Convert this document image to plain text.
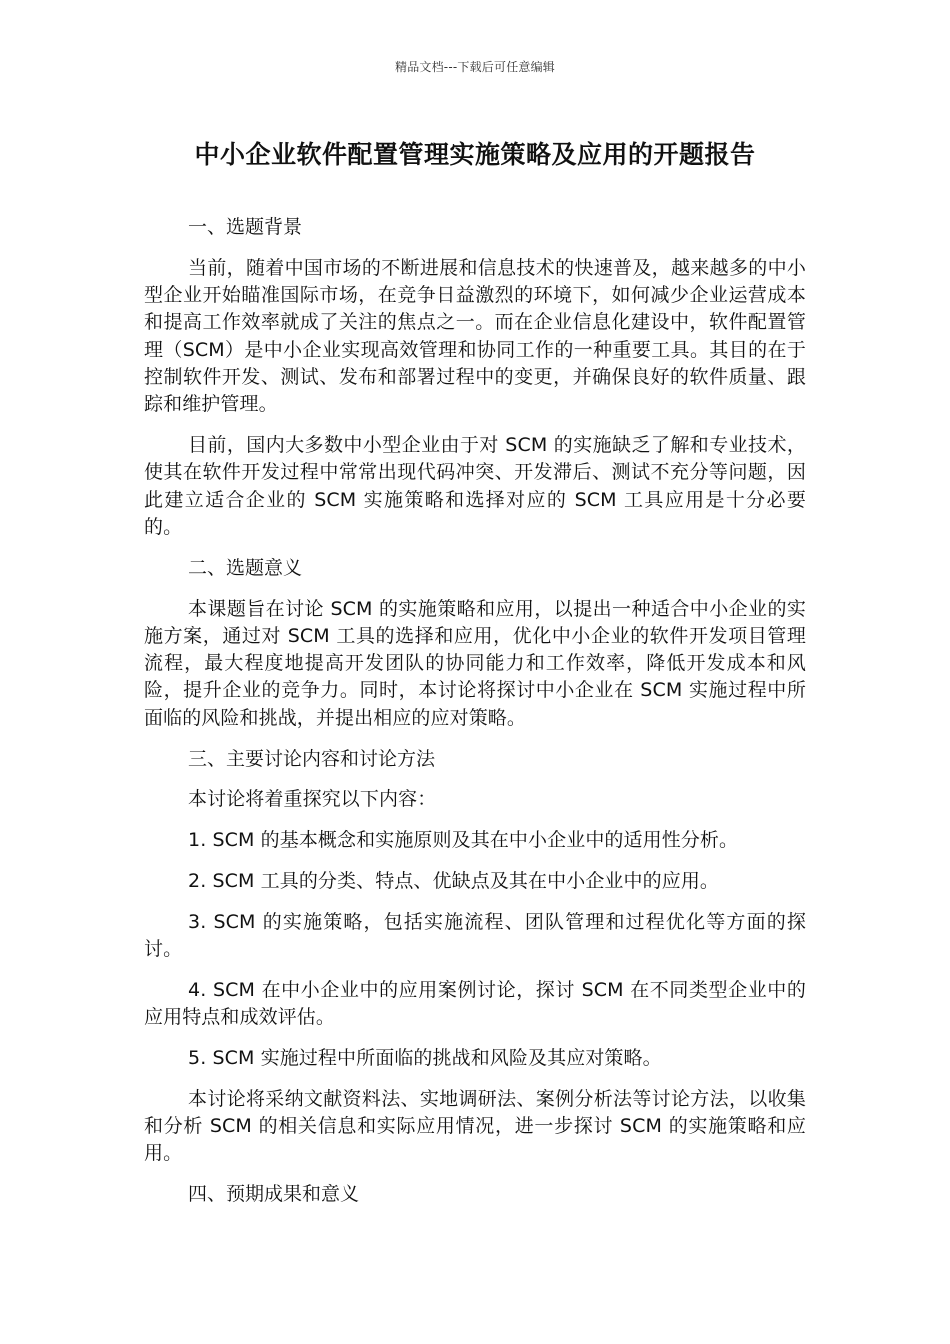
精品文档---下载后可任意编辑
中小企业软件配置管理实施策略及应用的开题报告

一、选题背景

当前，随着中国市场的不断进展和信息技术的快速普及，越来越多的中小型企业开始瞄准国际市场，在竞争日益激烈的环境下，如何减少企业运营成本和提高工作效率就成了关注的焦点之一。而在企业信息化建设中，软件配置管理（SCM）是中小企业实现高效管理和协同工作的一种重要工具。其目的在于控制软件开发、测试、发布和部署过程中的变更，并确保良好的软件质量、跟踪和维护管理。

目前，国内大多数中小型企业由于对 SCM 的实施缺乏了解和专业技术，使其在软件开发过程中常常出现代码冲突、开发滞后、测试不充分等问题，因此建立适合企业的 SCM 实施策略和选择对应的 SCM 工具应用是十分必要的。

二、选题意义

本课题旨在讨论 SCM 的实施策略和应用，以提出一种适合中小企业的实施方案，通过对 SCM 工具的选择和应用，优化中小企业的软件开发项目管理流程，最大程度地提高开发团队的协同能力和工作效率，降低开发成本和风险，提升企业的竞争力。同时，本讨论将探讨中小企业在 SCM 实施过程中所面临的风险和挑战，并提出相应的应对策略。

三、主要讨论内容和讨论方法

本讨论将着重探究以下内容：

1. SCM 的基本概念和实施原则及其在中小企业中的适用性分析。

2. SCM 工具的分类、特点、优缺点及其在中小企业中的应用。

3. SCM 的实施策略，包括实施流程、团队管理和过程优化等方面的探讨。

4. SCM 在中小企业中的应用案例讨论，探讨 SCM 在不同类型企业中的应用特点和成效评估。

5. SCM 实施过程中所面临的挑战和风险及其应对策略。

本讨论将采纳文献资料法、实地调研法、案例分析法等讨论方法，以收集和分析 SCM 的相关信息和实际应用情况，进一步探讨 SCM 的实施策略和应用。

四、预期成果和意义
